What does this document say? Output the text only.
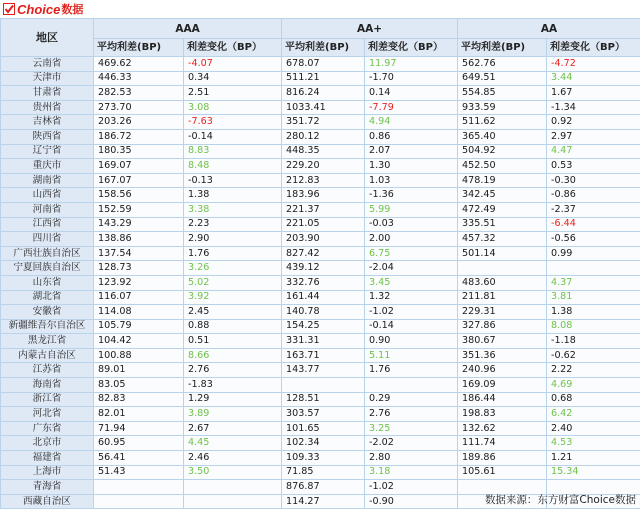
Choice 数据
地区	AAA		AA+		AA	
	平均利差(BP)	利差变化（BP）	平均利差(BP)	利差变化（BP）	平均利差(BP)	利差变化（BP）
云南省	469.62	-4.07	678.07	11.97	562.76	-4.72
天津市	446.33	0.34	511.21	-1.70	649.51	3.44
甘肃省	282.53	2.51	816.24	0.14	554.85	1.67
贵州省	273.70	3.08	1033.41	-7.79	933.59	-1.34
吉林省	203.26	-7.63	351.72	4.94	511.62	0.92
陕西省	186.72	-0.14	280.12	0.86	365.40	2.97
辽宁省	180.35	8.83	448.35	2.07	504.92	4.47
重庆市	169.07	8.48	229.20	1.30	452.50	0.53
湖南省	167.07	-0.13	212.83	1.03	478.19	-0.30
山西省	158.56	1.38	183.96	-1.36	342.45	-0.86
河南省	152.59	3.38	221.37	5.99	472.49	-2.37
江西省	143.29	2.23	221.05	-0.03	335.51	-6.44
四川省	138.86	2.90	203.90	2.00	457.32	-0.56
广西壮族自治区	137.54	1.76	827.42	6.75	501.14	0.99
宁夏回族自治区	128.73	3.26	439.12	-2.04		
山东省	123.92	5.02	332.76	3.45	483.60	4.37
湖北省	116.07	3.92	161.44	1.32	211.81	3.81
安徽省	114.08	2.45	140.78	-1.02	229.31	1.38
新疆维吾尔自治区	105.79	0.88	154.25	-0.14	327.86	8.08
黑龙江省	104.42	0.51	331.31	0.90	380.67	-1.18
内蒙古自治区	100.88	8.66	163.71	5.11	351.36	-0.62
江苏省	89.01	2.76	143.77	1.76	240.96	2.22
海南省	83.05	-1.83			169.09	4.69
浙江省	82.83	1.29	128.51	0.29	186.44	0.68
河北省	82.01	3.89	303.57	2.76	198.83	6.42
广东省	71.94	2.67	101.65	3.25	132.62	2.40
北京市	60.95	4.45	102.34	-2.02	111.74	4.53
福建省	56.41	2.46	109.33	2.80	189.86	1.21
上海市	51.43	3.50	71.85	3.18	105.61	15.34
青海省			876.87	-1.02		
西藏自治区			114.27	-0.90			数据来源：东方财富Choice数据
